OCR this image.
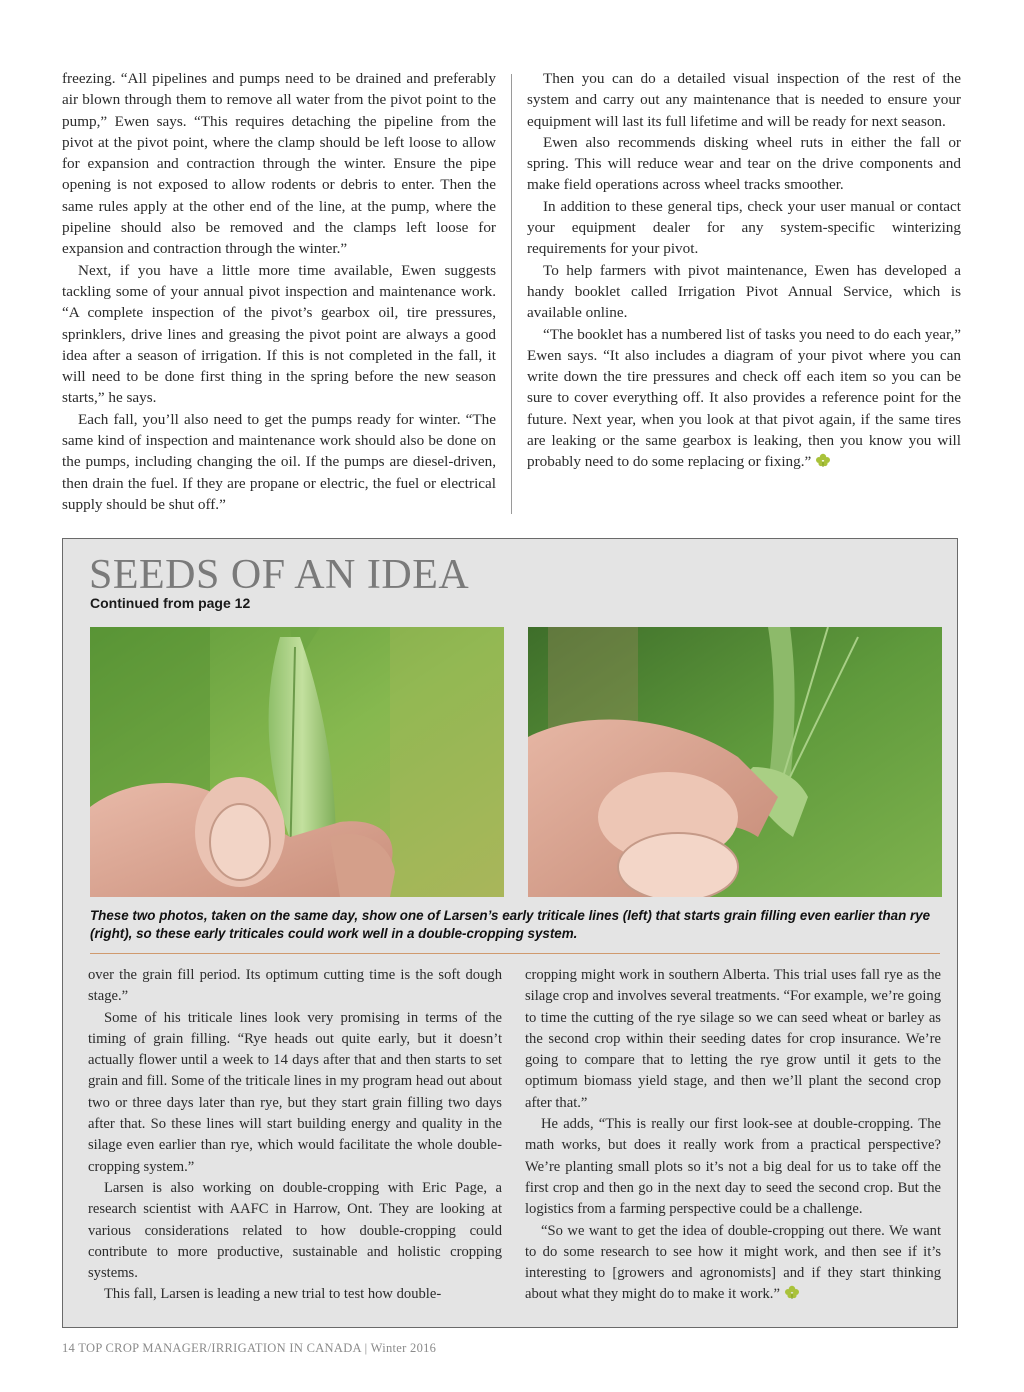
freezing. “All pipelines and pumps need to be drained and preferably air blown through them to remove all water from the pivot point to the pump,” Ewen says. “This requires detaching the pipeline from the pivot at the pivot point, where the clamp should be left loose to allow for expansion and contraction through the winter. Ensure the pipe opening is not exposed to allow rodents or debris to enter. Then the same rules apply at the other end of the line, at the pump, where the pipeline should also be removed and the clamps left loose for expansion and contraction through the winter.”

Next, if you have a little more time available, Ewen suggests tackling some of your annual pivot inspection and maintenance work. “A complete inspection of the pivot’s gearbox oil, tire pressures, sprinklers, drive lines and greasing the pivot point are always a good idea after a season of irrigation. If this is not completed in the fall, it will need to be done first thing in the spring before the new season starts,” he says.

Each fall, you’ll also need to get the pumps ready for winter. “The same kind of inspection and maintenance work should also be done on the pumps, including changing the oil. If the pumps are diesel-driven, then drain the fuel. If they are propane or electric, the fuel or electrical supply should be shut off.”

Then you can do a detailed visual inspection of the rest of the system and carry out any maintenance that is needed to ensure your equipment will last its full lifetime and will be ready for next season.

Ewen also recommends disking wheel ruts in either the fall or spring. This will reduce wear and tear on the drive components and make field operations across wheel tracks smoother.

In addition to these general tips, check your user manual or contact your equipment dealer for any system-specific winterizing requirements for your pivot.

To help farmers with pivot maintenance, Ewen has developed a handy booklet called Irrigation Pivot Annual Service, which is available online.

“The booklet has a numbered list of tasks you need to do each year,” Ewen says. “It also includes a diagram of your pivot where you can write down the tire pressures and check off each item so you can be sure to cover everything off. It also provides a reference point for the future. Next year, when you look at that pivot again, if the same tires are leaking or the same gearbox is leaking, then you know you will probably need to do some replacing or fixing.”

SEEDS OF AN IDEA
Continued from page 12
These two photos, taken on the same day, show one of Larsen’s early triticale lines (left) that starts grain filling even earlier than rye (right), so these early triticales could work well in a double-cropping system.

over the grain fill period. Its optimum cutting time is the soft dough stage.”

Some of his triticale lines look very promising in terms of the timing of grain filling. “Rye heads out quite early, but it doesn’t actually flower until a week to 14 days after that and then starts to set grain and fill. Some of the triticale lines in my program head out about two or three days later than rye, but they start grain filling two days after that. So these lines will start building energy and quality in the silage even earlier than rye, which would facilitate the whole double-cropping system.”

Larsen is also working on double-cropping with Eric Page, a research scientist with AAFC in Harrow, Ont. They are looking at various considerations related to how double-cropping could contribute to more productive, sustainable and holistic cropping systems.

This fall, Larsen is leading a new trial to test how double-

cropping might work in southern Alberta. This trial uses fall rye as the silage crop and involves several treatments. “For example, we’re going to time the cutting of the rye silage so we can seed wheat or barley as the second crop within their seeding dates for crop insurance. We’re going to compare that to letting the rye grow until it gets to the optimum biomass yield stage, and then we’ll plant the second crop after that.”

He adds, “This is really our first look-see at double-cropping. The math works, but does it really work from a practical perspective? We’re planting small plots so it’s not a big deal for us to take off the first crop and then go in the next day to seed the second crop. But the logistics from a farming perspective could be a challenge.

“So we want to get the idea of double-cropping out there. We want to do some research to see how it might work, and then see if it’s interesting to [growers and agronomists] and if they start thinking about what they might do to make it work.”

14 TOP CROP MANAGER/IRRIGATION IN CANADA | Winter 2016
